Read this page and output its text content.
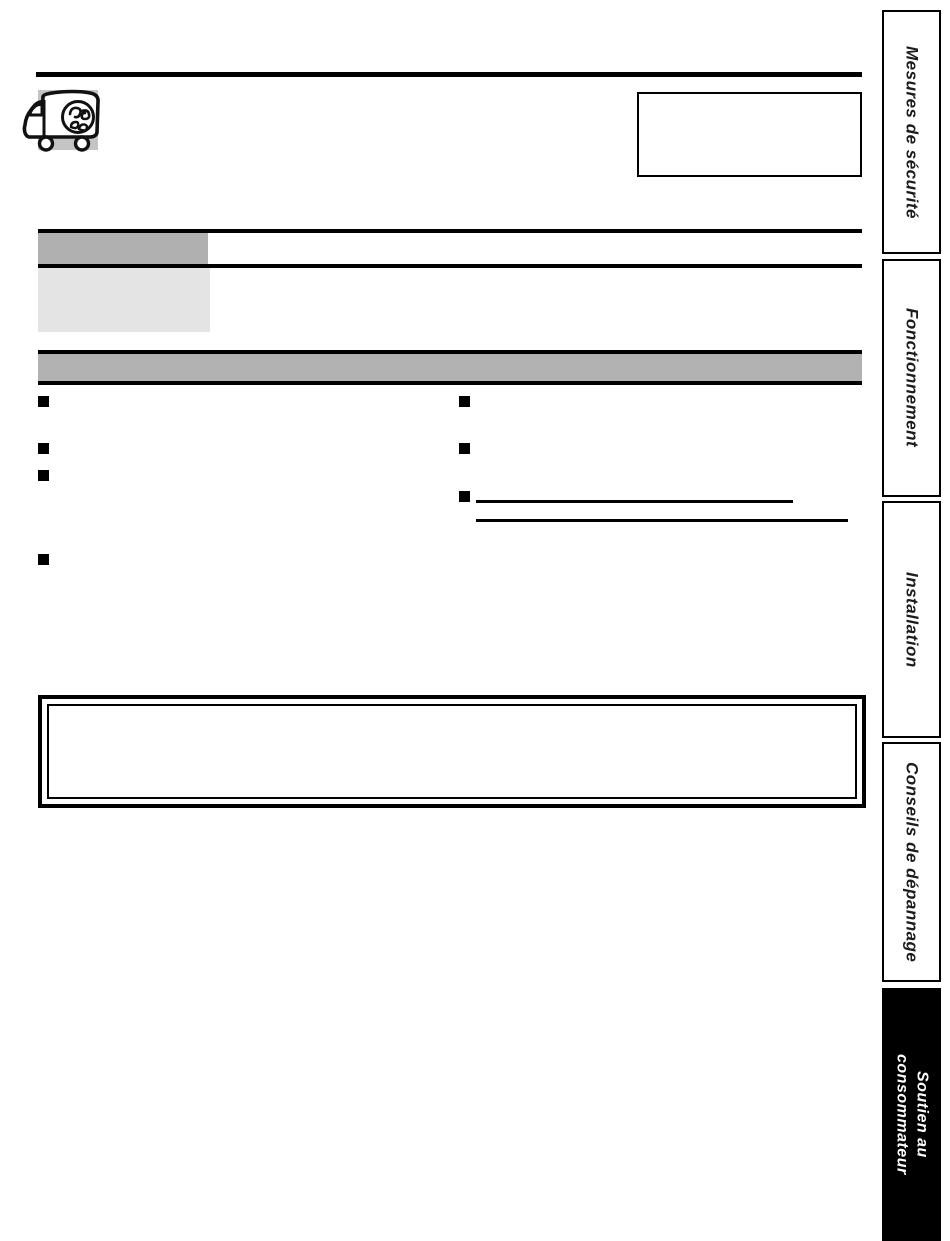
Mesures de sécurité
Fonctionnement
Installation
Conseils de dépannage
Soutien au
consommateur
